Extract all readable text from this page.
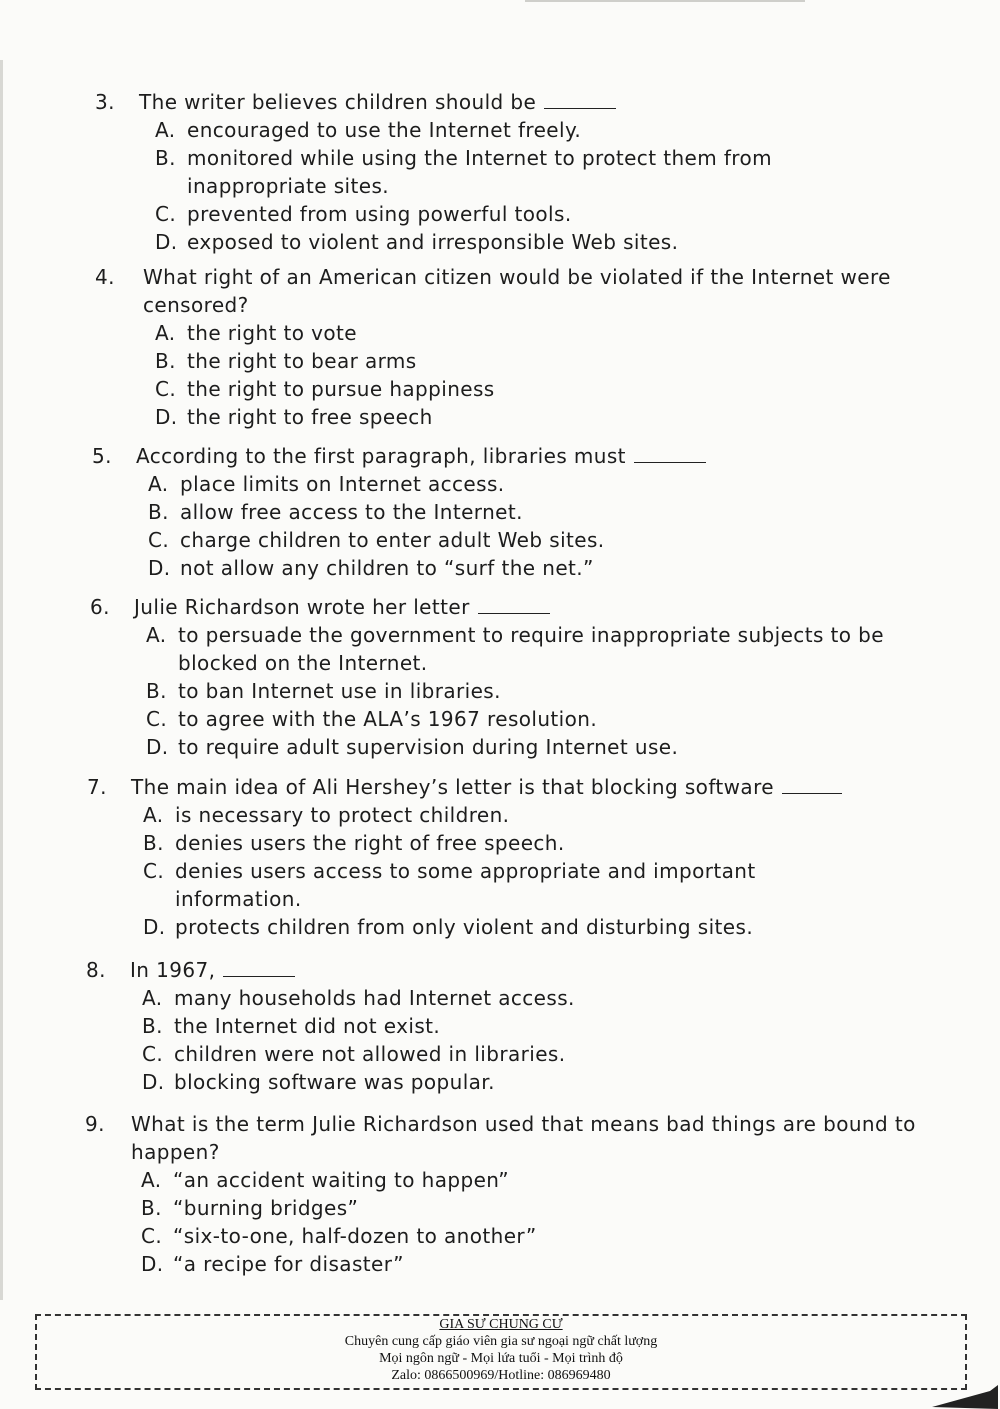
3. The writer believes children should be
A. encouraged to use the Internet freely.
B. monitored while using the Internet to protect them from inappropriate sites.
C. prevented from using powerful tools.
D. exposed to violent and irresponsible Web sites.
4.	What right of an American citizen would be violated if the Internet were censored?
A. the right to vote
B. the right to bear arms
C. the right to pursue happiness
D. the right to free speech
5. According to the first paragraph, libraries must
A. place limits on Internet access.
B. allow free access to the Internet.
C. charge children to enter adult Web sites.
D. not allow any children to “surf the net.”
6. Julie Richardson wrote her letter
A. to persuade the government to require inappropriate subjects to be blocked on the Internet.
B. to ban Internet use in libraries.
C. to agree with the ALA’s 1967 resolution.
D. to require adult supervision during Internet use.
7. The main idea of Ali Hershey’s letter is that blocking software
A. is necessary to protect children.
B. denies users the right of free speech.
C. denies users access to some appropriate and important information.
D. protects children from only violent and disturbing sites.
8. In 1967,
A. many households had Internet access.
B. the Internet did not exist.
C. children were not allowed in libraries.
D. blocking software was popular.
9.	What is the term Julie Richardson used that means bad things are bound to happen?
A. “an accident waiting to happen”
B. “burning bridges”
C. “six-to-one, half-dozen to another”
D. “a recipe for disaster”
GIA SƯ CHUNG CƯ
Chuyên cung cấp giáo viên gia sư ngoại ngữ chất lượng
Mọi ngôn ngữ - Mọi lứa tuổi - Mọi trình độ
Zalo: 0866500969/Hotline: 086969480
